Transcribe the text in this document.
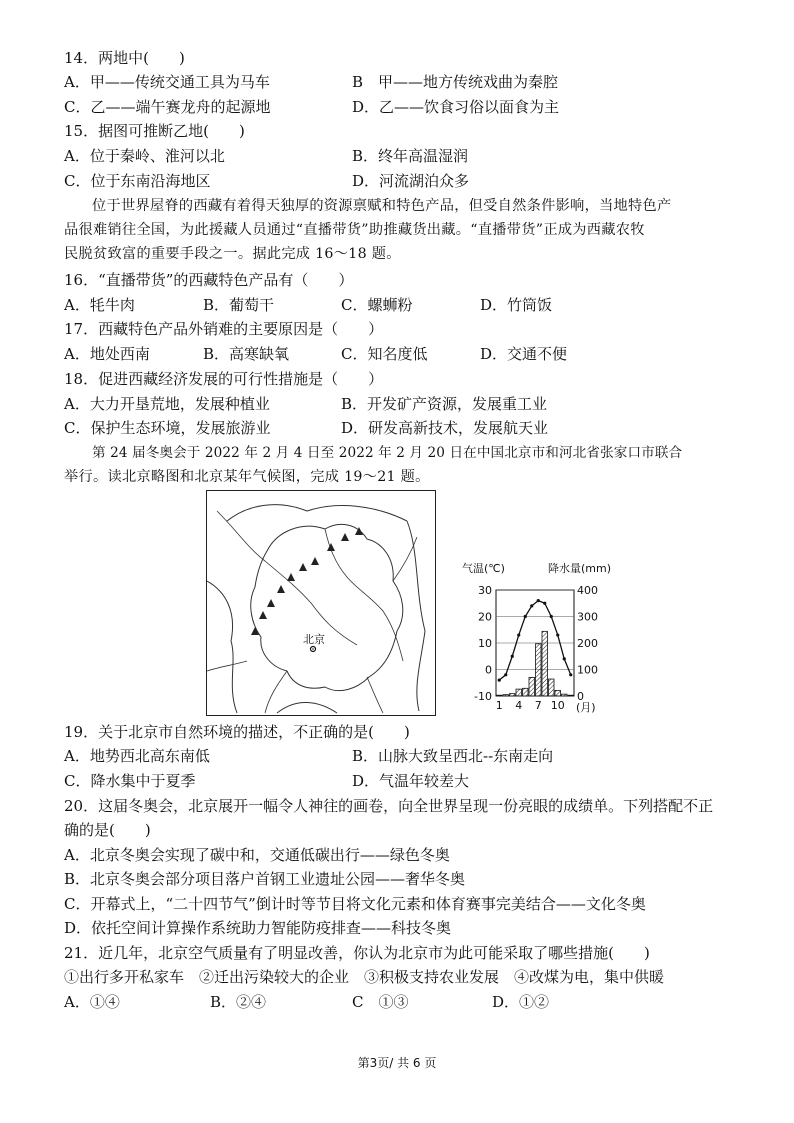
14．两地中(　　)
A．甲——传统交通工具为马车	B　甲——地方传统戏曲为秦腔
C．乙——端午赛龙舟的起源地	D．乙——饮食习俗以面食为主
15．据图可推断乙地(　　)
A．位于秦岭、淮河以北	B．终年高温湿润
C．位于东南沿海地区	D．河流湖泊众多
位于世界屋脊的西藏有着得天独厚的资源禀赋和特色产品，但受自然条件影响，当地特色产
品很难销往全国，为此援藏人员通过“直播带货”助推藏货出藏。“直播带货”正成为西藏农牧
民脱贫致富的重要手段之一。据此完成 16～18 题。
16．“直播带货”的西藏特色产品有（　　）
A．牦牛肉	B．葡萄干	C．螺蛳粉	D．竹筒饭
17．西藏特色产品外销难的主要原因是（　　）
A．地处西南	B．高寒缺氧	C．知名度低	D．交通不便
18．促进西藏经济发展的可行性措施是（　　）
A．大力开垦荒地，发展种植业	B．开发矿产资源，发展重工业
C．保护生态环境，发展旅游业	D．研发高新技术，发展航天业
第 24 届冬奥会于 2022 年 2 月 4 日至 2022 年 2 月 20 日在中国北京市和河北省张家口市联合
举行。读北京略图和北京某年气候图，完成 19～21 题。
北京
气温(℃)	降水量(mm)
30
20
10
0
-10
400
300
200
100
0
1 4 7 10 (月)
19．关于北京市自然环境的描述，不正确的是(　　)
A．地势西北高东南低	B．山脉大致呈西北--东南走向
C．降水集中于夏季	D．气温年较差大
20．这届冬奥会，北京展开一幅令人神往的画卷，向全世界呈现一份亮眼的成绩单。下列搭配不正
确的是(　　)
A．北京冬奥会实现了碳中和，交通低碳出行——绿色冬奥
B．北京冬奥会部分项目落户首钢工业遗址公园——奢华冬奥
C．开幕式上，“二十四节气”倒计时等节目将文化元素和体育赛事完美结合——文化冬奥
D．依托空间计算操作系统助力智能防疫排查——科技冬奥
21．近几年，北京空气质量有了明显改善，你认为北京市为此可能采取了哪些措施(　　)
①出行多开私家车　②迁出污染较大的企业　③积极支持农业发展　④改煤为电，集中供暖
A．①④	B．②④	C　①③	D．①②
第3页/ 共 6 页
